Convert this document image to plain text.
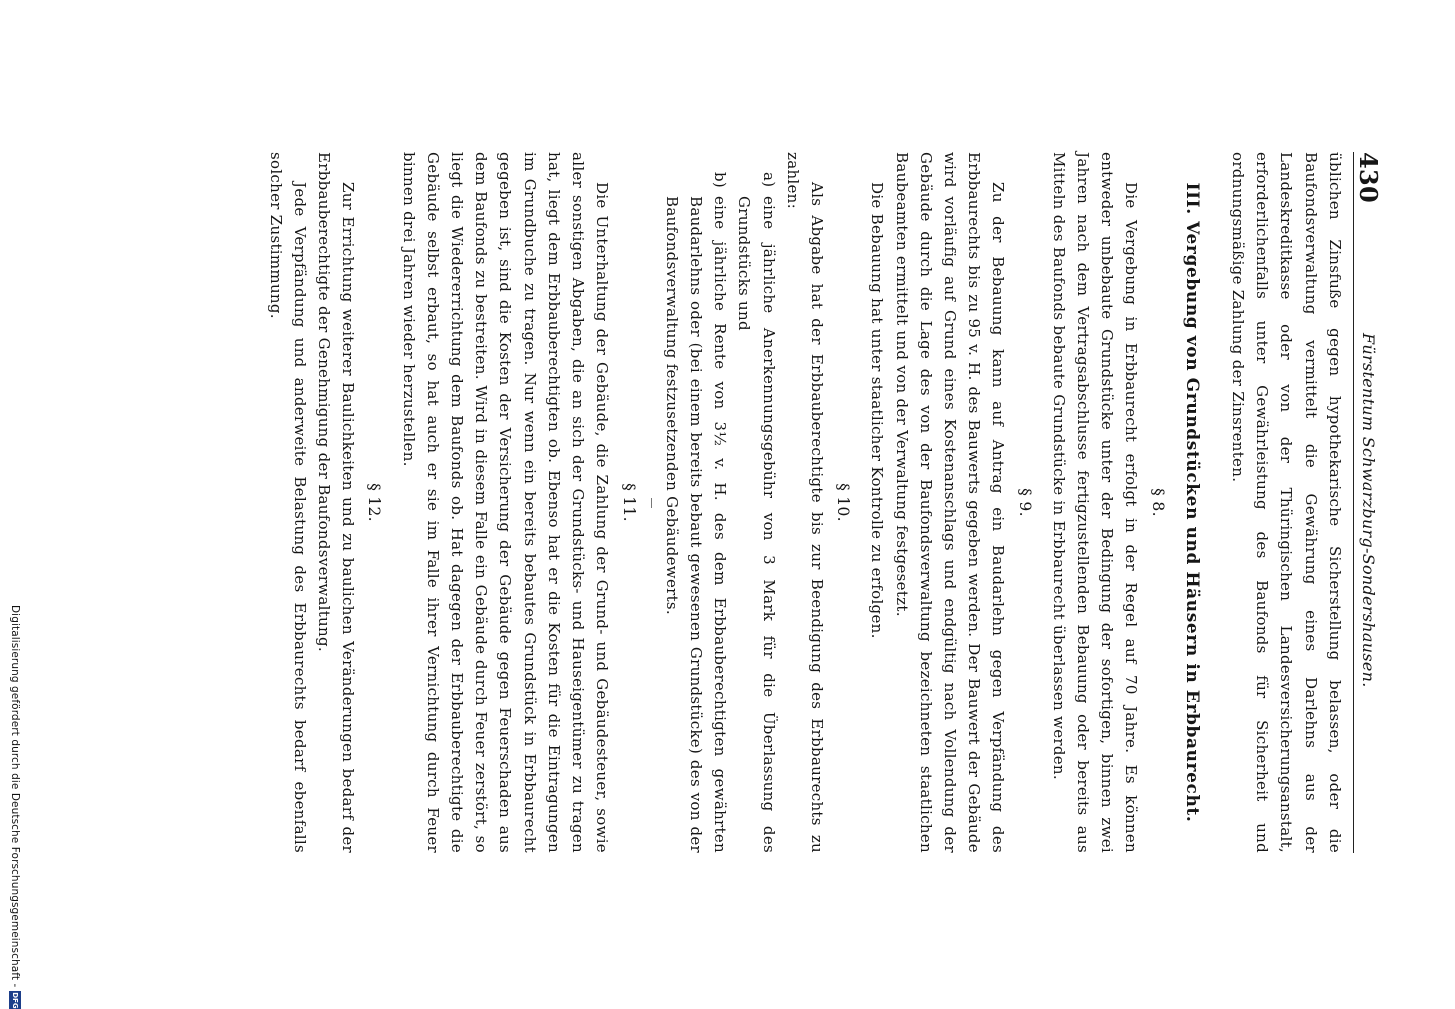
Digitalisierung gefördert durch die Deutsche Forschungsgemeinschaft -
DFG
430
Fürstentum Schwarzburg-Sondershausen.

üblichen Zinsfuße gegen hypothekarische Sicherstellung belassen, oder die Baufondsverwaltung vermittelt die Gewährung eines Darlehns aus der Landeskreditkasse oder von der Thüringischen Landesversicherungsanstalt, erforderlichenfalls unter Gewährleistung des Baufonds für Sicherheit und ordnungsmäßige Zahlung der Zinsrenten.

III. Vergebung von Grundstücken und Häusern in Erbbaurecht.
§ 8.

Die Vergebung in Erbbaurecht erfolgt in der Regel auf 70 Jahre. Es können entweder unbebaute Grundstücke unter der Bedingung der sofortigen, binnen zwei Jahren nach dem Vertragsabschlusse fertigzustellenden Bebauung oder bereits aus Mitteln des Baufonds bebaute Grundstücke in Erbbaurecht überlassen werden.

§ 9.

Zu der Bebauung kann auf Antrag ein Baudarlehn gegen Verpfändung des Erbbaurechts bis zu 95 v. H. des Bauwerts gegeben werden. Der Bauwert der Gebäude wird vorläufig auf Grund eines Kostenanschlags und endgültig nach Vollendung der Gebäude durch die Lage des von der Baufondsverwaltung bezeichneten staatlichen Baubeamten ermittelt und von der Verwaltung festgesetzt.

Die Bebauung hat unter staatlicher Kontrolle zu erfolgen.

§ 10.

Als Abgabe hat der Erbbauberechtigte bis zur Beendigung des Erbbaurechts zu zahlen:

a)
eine jährliche Anerkennungsgebühr von 3 Mark für die Überlassung des Grundstücks und
b)
eine jährliche Rente von 3½ v. H. des dem Erbbauberechtigten gewährten Baudarlehns oder (bei einem bereits bebaut gewesenen Grundstücke) des von der Baufondsverwaltung festzusetzenden Gebäudewerts.
§ 11.

Die Unterhaltung der Gebäude, die Zahlung der Grund- und Gebäudesteuer, sowie aller sonstigen Abgaben, die an sich der Grundstücks- und Hauseigentümer zu tragen hat, liegt dem Erbbauberechtigten ob. Ebenso hat er die Kosten für die Eintragungen im Grundbuche zu tragen. Nur wenn ein bereits bebautes Grundstück in Erbbaurecht gegeben ist, sind die Kosten der Versicherung der Gebäude gegen Feuerschaden aus dem Baufonds zu bestreiten. Wird in diesem Falle ein Gebäude durch Feuer zerstört, so liegt die Wiedererrichtung dem Baufonds ob. Hat dagegen der Erbbauberechtigte die Gebäude selbst erbaut, so hat auch er sie im Falle ihrer Vernichtung durch Feuer binnen drei Jahren wieder herzustellen.

§ 12.

Zur Errichtung weiterer Baulichkeiten und zu baulichen Veränderungen bedarf der Erbbauberechtigte der Genehmigung der Baufondsverwaltung.

Jede Verpfändung und anderweite Belastung des Erbbaurechts bedarf ebenfalls solcher Zustimmung.
